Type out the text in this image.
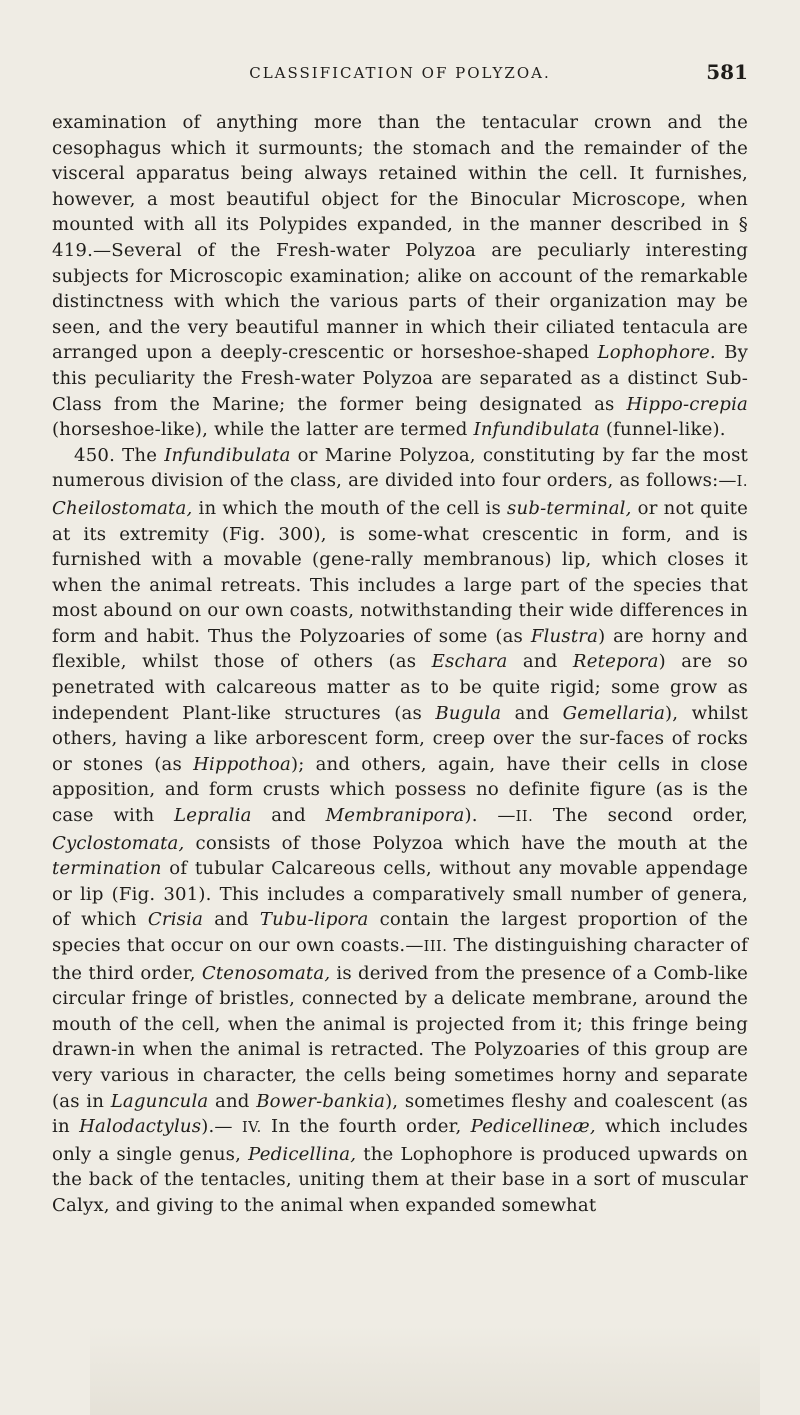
CLASSIFICATION OF POLYZOA.	581

examination of anything more than the tentacular crown and the cesophagus which it surmounts; the stomach and the remainder of the visceral apparatus being always retained within the cell. It furnishes, however, a most beautiful object for the Binocular Microscope, when mounted with all its Polypides expanded, in the manner described in § 419.—Several of the Fresh-water Polyzoa are peculiarly interesting subjects for Microscopic examination; alike on account of the remarkable distinctness with which the various parts of their organization may be seen, and the very beautiful manner in which their ciliated tentacula are arranged upon a deeply-crescentic or horseshoe-shaped Lophophore. By this peculiarity the Fresh-water Polyzoa are separated as a distinct Sub-Class from the Marine; the former being designated as Hippo-crepia (horseshoe-like), while the latter are termed Infundibulata (funnel-like).

450. The Infundibulata or Marine Polyzoa, constituting by far the most numerous division of the class, are divided into four orders, as follows:—I. Cheilostomata, in which the mouth of the cell is sub-terminal, or not quite at its extremity (Fig. 300), is some-what crescentic in form, and is furnished with a movable (gene-rally membranous) lip, which closes it when the animal retreats. This includes a large part of the species that most abound on our own coasts, notwithstanding their wide differences in form and habit. Thus the Polyzoaries of some (as Flustra) are horny and flexible, whilst those of others (as Eschara and Retepora) are so penetrated with calcareous matter as to be quite rigid; some grow as independent Plant-like structures (as Bugula and Gemellaria), whilst others, having a like arborescent form, creep over the sur-faces of rocks or stones (as Hippothoa); and others, again, have their cells in close apposition, and form crusts which possess no definite figure (as is the case with Lepralia and Membranipora). —II. The second order, Cyclostomata, consists of those Polyzoa which have the mouth at the termination of tubular Calcareous cells, without any movable appendage or lip (Fig. 301). This includes a comparatively small number of genera, of which Crisia and Tubu-lipora contain the largest proportion of the species that occur on our own coasts.—III. The distinguishing character of the third order, Ctenosomata, is derived from the presence of a Comb-like circular fringe of bristles, connected by a delicate membrane, around the mouth of the cell, when the animal is projected from it; this fringe being drawn-in when the animal is retracted. The Polyzoaries of this group are very various in character, the cells being sometimes horny and separate (as in Laguncula and Bower-bankia), sometimes fleshy and coalescent (as in Halodactylus).— IV. In the fourth order, Pedicellineæ, which includes only a single genus, Pedicellina, the Lophophore is produced upwards on the back of the tentacles, uniting them at their base in a sort of muscular Calyx, and giving to the animal when expanded somewhat
